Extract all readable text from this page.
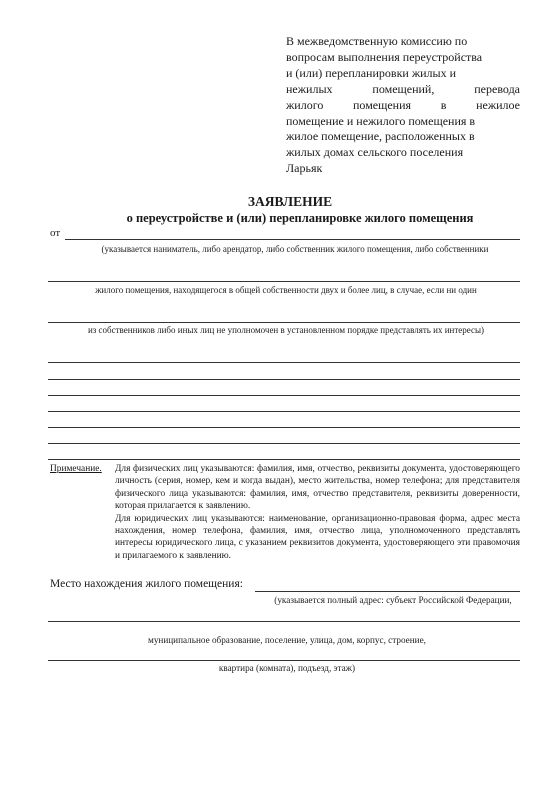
В межведомственную комиссию по
вопросам выполнения переустройства
и (или) перепланировки жилых и
нежилых помещений, перевода
жилого помещения в нежилое
помещение и нежилого помещения в
жилое помещение, расположенных в
жилых домах сельского поселения
Ларьяк
ЗАЯВЛЕНИЕ
о переустройстве и (или) перепланировке жилого помещения
от
(указывается наниматель, либо арендатор, либо собственник жилого помещения, либо собственники
жилого помещения, находящегося в общей собственности двух и более лиц, в случае, если ни один
из собственников либо иных лиц не уполномочен в установленном порядке представлять их интересы)
Примечание. Для физических лиц указываются: фамилия, имя, отчество, реквизиты документа, удостоверяющего личность (серия, номер, кем и когда выдан), место жительства, номер телефона; для представителя физического лица указываются: фамилия, имя, отчество представителя, реквизиты доверенности, которая прилагается к заявлению.

Для юридических лиц указываются: наименование, организационно-правовая форма, адрес места нахождения, номер телефона, фамилия, имя, отчество лица, уполномоченного представлять интересы юридического лица, с указанием реквизитов документа, удостоверяющего эти правомочия и прилагаемого к заявлению.

Место нахождения жилого помещения:
(указывается полный адрес: субъект Российской Федерации,
муниципальное образование, поселение, улица, дом, корпус, строение,
квартира (комната), подъезд, этаж)
